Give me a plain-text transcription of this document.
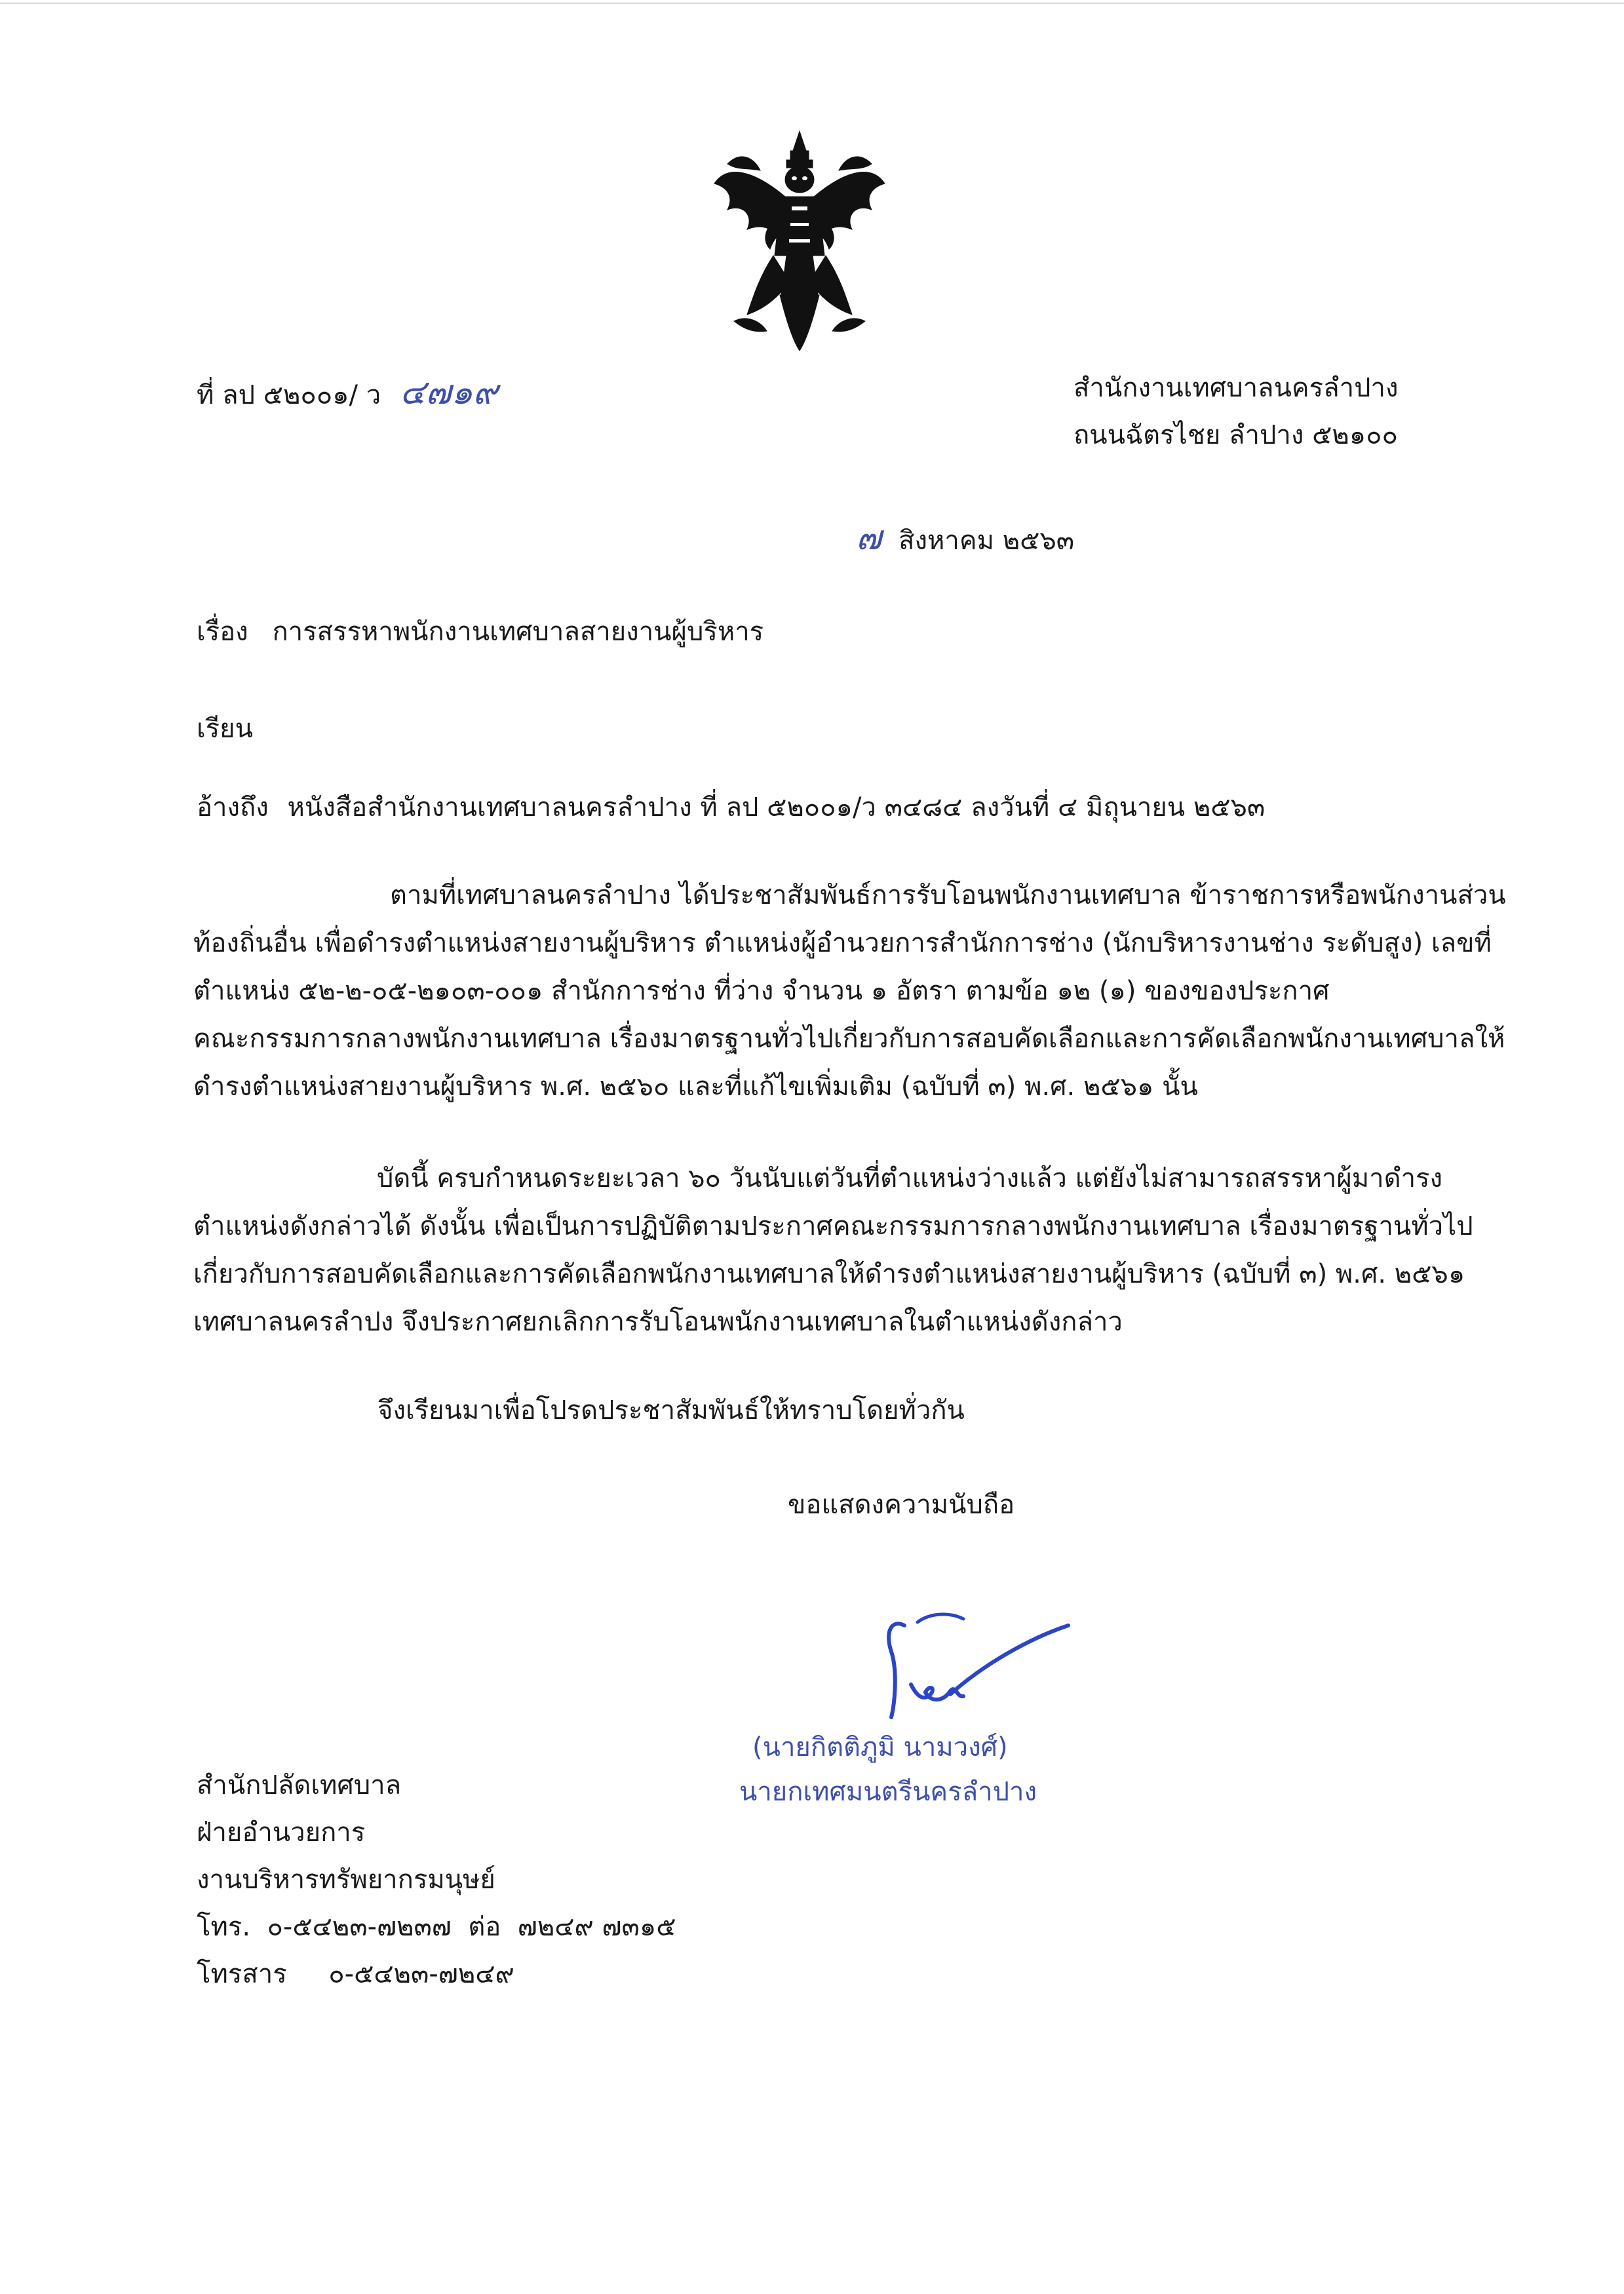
ที่ ลป ๕๒๐๐๑/ ว ๔๗๑๙	สำนักงานเทศบาลนครลำปาง
ถนนฉัตรไชย ลำปาง ๕๒๑๐๐
๗ สิงหาคม ๒๕๖๓
เรื่อง การสรรหาพนักงานเทศบาลสายงานผู้บริหาร
เรียน
อ้างถึง หนังสือสำนักงานเทศบาลนครลำปาง ที่ ลป ๕๒๐๐๑/ว ๓๔๘๔ ลงวันที่ ๔ มิถุนายน ๒๕๖๓
ตามที่เทศบาลนครลำปาง ได้ประชาสัมพันธ์การรับโอนพนักงานเทศบาล ข้าราชการหรือพนักงานส่วน
ท้องถิ่นอื่น เพื่อดำรงตำแหน่งสายงานผู้บริหาร ตำแหน่งผู้อำนวยการสำนักการช่าง (นักบริหารงานช่าง ระดับสูง) เลขที่
ตำแหน่ง ๕๒-๒-๐๕-๒๑๐๓-๐๐๑ สำนักการช่าง ที่ว่าง จำนวน ๑ อัตรา ตามข้อ ๑๒ (๑) ของของประกาศ
คณะกรรมการกลางพนักงานเทศบาล เรื่องมาตรฐานทั่วไปเกี่ยวกับการสอบคัดเลือกและการคัดเลือกพนักงานเทศบาลให้
ดำรงตำแหน่งสายงานผู้บริหาร พ.ศ. ๒๕๖๐ และที่แก้ไขเพิ่มเติม (ฉบับที่ ๓) พ.ศ. ๒๕๖๑ นั้น
บัดนี้ ครบกำหนดระยะเวลา ๖๐ วันนับแต่วันที่ตำแหน่งว่างแล้ว แต่ยังไม่สามารถสรรหาผู้มาดำรง
ตำแหน่งดังกล่าวได้ ดังนั้น เพื่อเป็นการปฏิบัติตามประกาศคณะกรรมการกลางพนักงานเทศบาล เรื่องมาตรฐานทั่วไป
เกี่ยวกับการสอบคัดเลือกและการคัดเลือกพนักงานเทศบาลให้ดำรงตำแหน่งสายงานผู้บริหาร (ฉบับที่ ๓) พ.ศ. ๒๕๖๑
เทศบาลนครลำปง จึงประกาศยกเลิกการรับโอนพนักงานเทศบาลในตำแหน่งดังกล่าว
จึงเรียนมาเพื่อโปรดประชาสัมพันธ์ให้ทราบโดยทั่วกัน
ขอแสดงความนับถือ
(นายกิตติภูมิ นามวงศ์)
นายกเทศมนตรีนครลำปาง
สำนักปลัดเทศบาล
ฝ่ายอำนวยการ
งานบริหารทรัพยากรมนุษย์
โทร.  ๐-๕๔๒๓-๗๒๓๗  ต่อ  ๗๒๔๙ ๗๓๑๕
โทรสาร     ๐-๕๔๒๓-๗๒๔๙
